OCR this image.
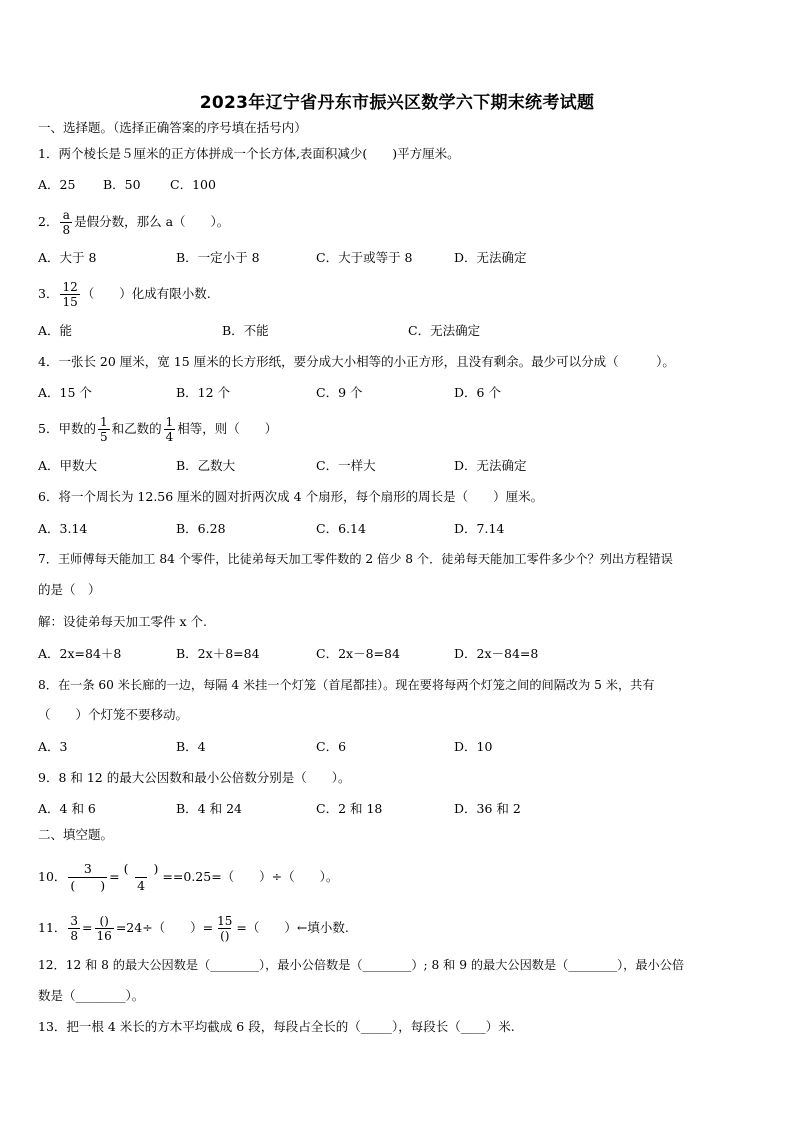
2023年辽宁省丹东市振兴区数学六下期末统考试题
一、选择题。（选择正确答案的序号填在括号内）
1．两个棱长是５厘米的正方体拼成一个长方体,表面积减少(　　)平方厘米。
A．25 B．50 C．100
2． $\frac{a}{8}$ 是假分数，那么 a（　　）。
A．大于 8	B．一定小于 8	C．大于或等于 8	D．无法确定
3． $\frac{12}{15}$ （　　）化成有限小数.
A．能	B．不能	C．无法确定
4．一张长 20 厘米，宽 15 厘米的长方形纸，要分成大小相等的小正方形，且没有剩余。最少可以分成（　　　）。
A．15 个	B．12 个	C．9 个	D．6 个
5．甲数的 $\frac{1}{5}$ 和乙数的 $\frac{1}{4}$ 相等，则（　　）
A．甲数大	B．乙数大	C．一样大	D．无法确定
6．将一个周长为 12.56 厘米的圆对折两次成 4 个扇形，每个扇形的周长是（　　）厘米。
A．3.14	B．6.28	C．6.14	D．7.14
7．王师傅每天能加工 84 个零件，比徒弟每天加工零件数的 2 倍少 8 个．徒弟每天能加工零件多少个？列出方程错误
的是（　）
解：设徒弟每天加工零件 x 个.
A．2x=84＋8	B．2x＋8=84	C．2x－8=84	D．2x－84=8
8．在一条 60 米长廊的一边，每隔 4 米挂一个灯笼（首尾都挂）。现在要将每两个灯笼之间的间隔改为 5 米，共有
（　　）个灯笼不要移动。
A．3	B．4	C．6	D．10
9．8 和 12 的最大公因数和最小公倍数分别是（　　）。
A．4 和 6	B．4 和 24	C．2 和 18	D．36 和 2
二、填空题。
10． $\frac{3}{( )} = \frac{( )}{4} ==0.25=$（　　）÷（　　）。
11． $\frac{3}{8} = \frac{()}{16} =24\div$（　　）= $\frac{15}{()}$ =（　　）←填小数.
12．12 和 8 的最大公因数是（________），最小公倍数是（________）; 8 和 9 的最大公因数是（________），最小公倍
数是（________）。
13．把一根 4 米长的方木平均截成 6 段，每段占全长的（_____），每段长（____）米.
